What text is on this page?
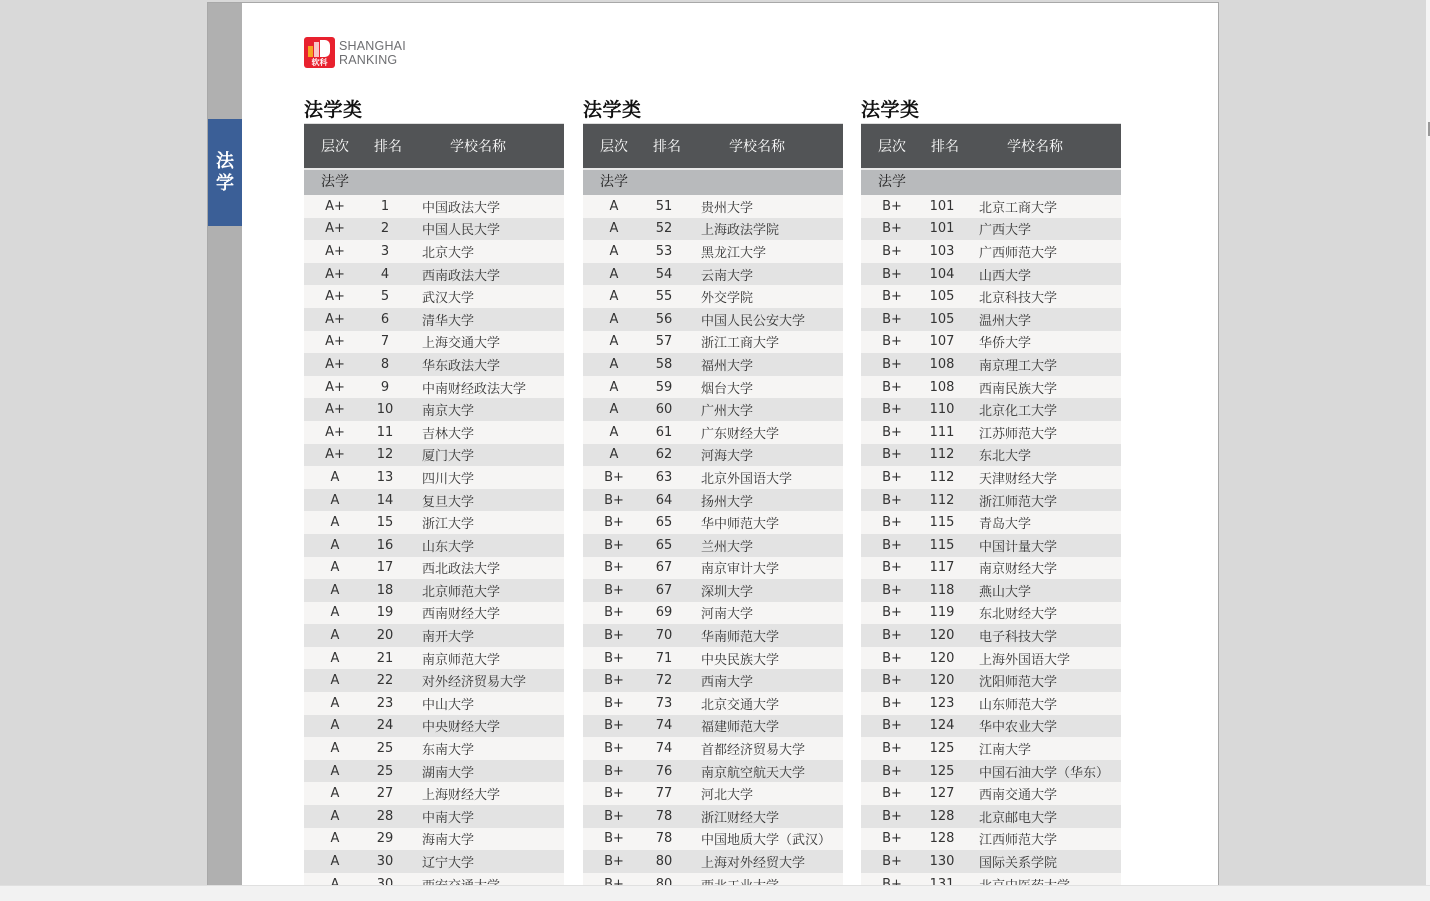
法
学
软科
SHANGHAI
RANKING
法学类
层次	排名	学校名称
法学
A+	1	中国政法大学
A+	2	中国人民大学
A+	3	北京大学
A+	4	西南政法大学
A+	5	武汉大学
A+	6	清华大学
A+	7	上海交通大学
A+	8	华东政法大学
A+	9	中南财经政法大学
A+	10	南京大学
A+	11	吉林大学
A+	12	厦门大学
A	13	四川大学
A	14	复旦大学
A	15	浙江大学
A	16	山东大学
A	17	西北政法大学
A	18	北京师范大学
A	19	西南财经大学
A	20	南开大学
A	21	南京师范大学
A	22	对外经济贸易大学
A	23	中山大学
A	24	中央财经大学
A	25	东南大学
A	25	湖南大学
A	27	上海财经大学
A	28	中南大学
A	29	海南大学
A	30	辽宁大学
法学类
层次	排名	学校名称
法学
A	51	贵州大学
A	52	上海政法学院
A	53	黑龙江大学
A	54	云南大学
A	55	外交学院
A	56	中国人民公安大学
A	57	浙江工商大学
A	58	福州大学
A	59	烟台大学
A	60	广州大学
A	61	广东财经大学
A	62	河海大学
B+	63	北京外国语大学
B+	64	扬州大学
B+	65	华中师范大学
B+	65	兰州大学
B+	67	南京审计大学
B+	67	深圳大学
B+	69	河南大学
B+	70	华南师范大学
B+	71	中央民族大学
B+	72	西南大学
B+	73	北京交通大学
B+	74	福建师范大学
B+	74	首都经济贸易大学
B+	76	南京航空航天大学
B+	77	河北大学
B+	78	浙江财经大学
B+	78	中国地质大学（武汉）
B+	80	上海对外经贸大学
法学类
层次	排名	学校名称
法学
B+	101	北京工商大学
B+	101	广西大学
B+	103	广西师范大学
B+	104	山西大学
B+	105	北京科技大学
B+	105	温州大学
B+	107	华侨大学
B+	108	南京理工大学
B+	108	西南民族大学
B+	110	北京化工大学
B+	111	江苏师范大学
B+	112	东北大学
B+	112	天津财经大学
B+	112	浙江师范大学
B+	115	青岛大学
B+	115	中国计量大学
B+	117	南京财经大学
B+	118	燕山大学
B+	119	东北财经大学
B+	120	电子科技大学
B+	120	上海外国语大学
B+	120	沈阳师范大学
B+	123	山东师范大学
B+	124	华中农业大学
B+	125	江南大学
B+	125	中国石油大学（华东）
B+	127	西南交通大学
B+	128	北京邮电大学
B+	128	江西师范大学
B+	130	国际关系学院
